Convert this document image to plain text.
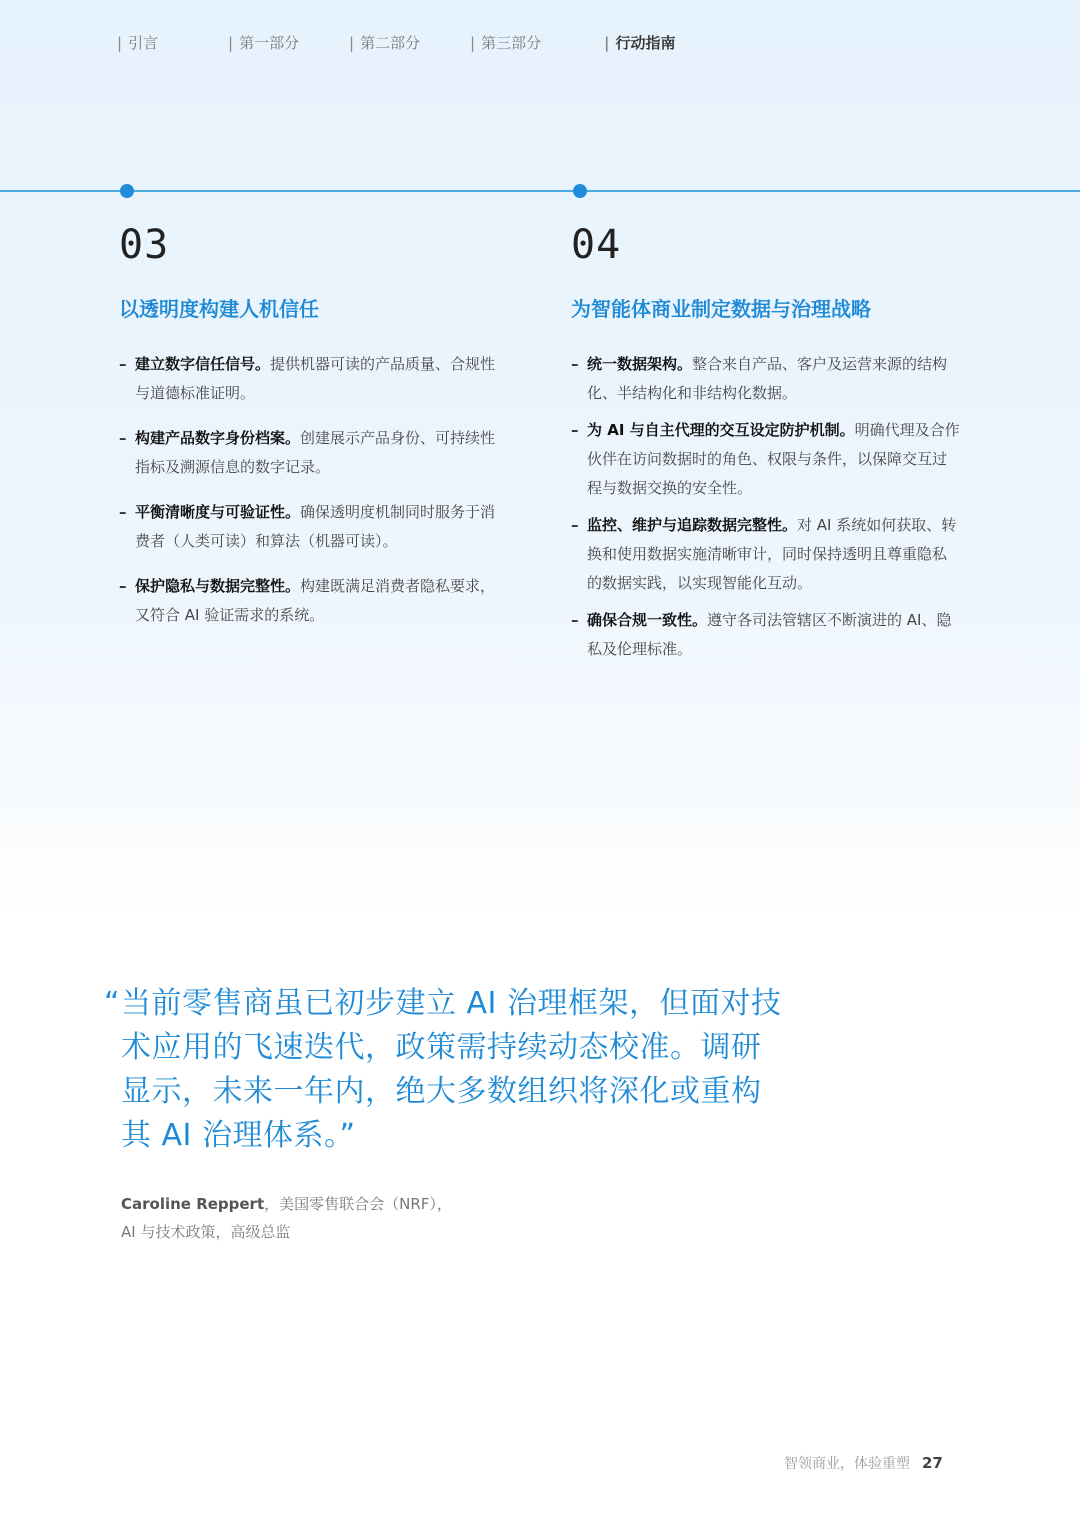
| 引言	| 第一部分	| 第二部分	| 第三部分	| 行动指南
03
以透明度构建人机信任
– 建立数字信任信号。提供机器可读的产品质量、合规性与道德标准证明。
– 构建产品数字身份档案。创建展示产品身份、可持续性指标及溯源信息的数字记录。
– 平衡清晰度与可验证性。确保透明度机制同时服务于消费者（人类可读）和算法（机器可读）。
– 保护隐私与数据完整性。构建既满足消费者隐私要求，又符合 AI 验证需求的系统。
04
为智能体商业制定数据与治理战略
– 统一数据架构。整合来自产品、客户及运营来源的结构化、半结构化和非结构化数据。
– 为 AI 与自主代理的交互设定防护机制。明确代理及合作伙伴在访问数据时的角色、权限与条件，以保障交互过程与数据交换的安全性。
– 监控、维护与追踪数据完整性。对 AI 系统如何获取、转换和使用数据实施清晰审计，同时保持透明且尊重隐私的数据实践，以实现智能化互动。
– 确保合规一致性。遵守各司法管辖区不断演进的 AI、隐私及伦理标准。
“ 当前零售商虽已初步建立 AI 治理框架，但面对技术应用的飞速迭代，政策需持续动态校准。调研显示，未来一年内，绝大多数组织将深化或重构其 AI 治理体系。”
Caroline Reppert，美国零售联合会（NRF），
AI 与技术政策，高级总监
智领商业，体验重塑 27
